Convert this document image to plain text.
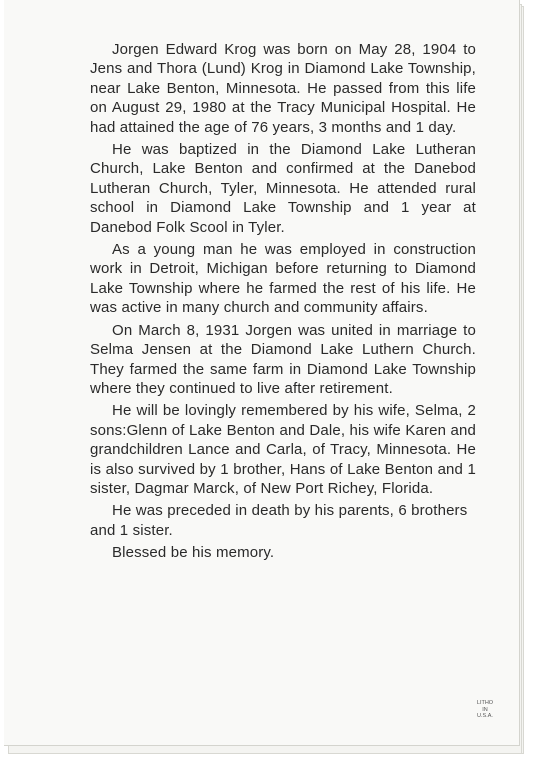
Jorgen Edward Krog was born on May 28, 1904 to Jens and Thora (Lund) Krog in Diamond Lake Township, near Lake Benton, Minnesota. He passed from this life on August 29, 1980 at the Tracy Municipal Hospital. He had attained the age of 76 years, 3 months and 1 day.

He was baptized in the Diamond Lake Lutheran Church, Lake Benton and confirmed at the Danebod Lutheran Church, Tyler, Minnesota. He attended rural school in Diamond Lake Township and 1 year at Danebod Folk Scool in Tyler.

As a young man he was employed in construction work in Detroit, Michigan before returning to Diamond Lake Township where he farmed the rest of his life. He was active in many church and community affairs.

On March 8, 1931 Jorgen was united in marriage to Selma Jensen at the Diamond Lake Luthern Church. They farmed the same farm in Diamond Lake Township where they continued to live after retirement.

He will be lovingly remembered by his wife, Selma, 2 sons:Glenn of Lake Benton and Dale, his wife Karen and grandchildren Lance and Carla, of Tracy, Minnesota. He is also survived by 1 brother, Hans of Lake Benton and 1 sister, Dagmar Marck, of New Port Richey, Florida.

He was preceded in death by his parents, 6 brothers and 1 sister.

Blessed be his memory.

LITHO
IN
U.S.A.
